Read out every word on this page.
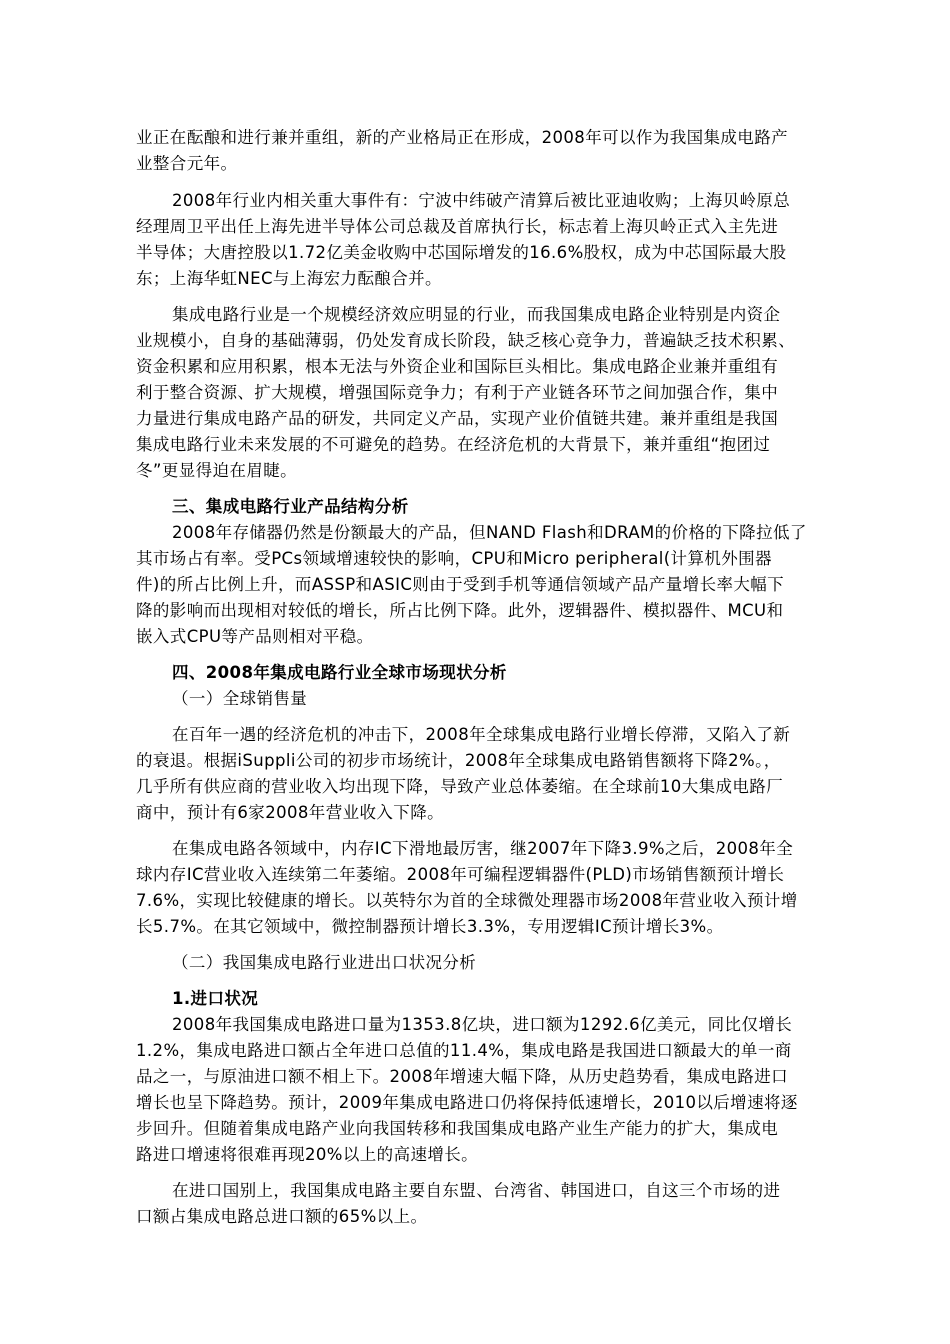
业正在酝酿和进行兼并重组，新的产业格局正在形成，2008年可以作为我国集成电路产
业整合元年。
2008年行业内相关重大事件有：宁波中纬破产清算后被比亚迪收购；上海贝岭原总
经理周卫平出任上海先进半导体公司总裁及首席执行长，标志着上海贝岭正式入主先进
半导体；大唐控股以1.72亿美金收购中芯国际增发的16.6%股权，成为中芯国际最大股
东；上海华虹NEC与上海宏力酝酿合并。
集成电路行业是一个规模经济效应明显的行业，而我国集成电路企业特别是内资企
业规模小，自身的基础薄弱，仍处发育成长阶段，缺乏核心竞争力，普遍缺乏技术积累、
资金积累和应用积累，根本无法与外资企业和国际巨头相比。集成电路企业兼并重组有
利于整合资源、扩大规模，增强国际竞争力；有利于产业链各环节之间加强合作，集中
力量进行集成电路产品的研发，共同定义产品，实现产业价值链共建。兼并重组是我国
集成电路行业未来发展的不可避免的趋势。在经济危机的大背景下，兼并重组“抱团过
冬”更显得迫在眉睫。
三、集成电路行业产品结构分析
2008年存储器仍然是份额最大的产品，但NAND Flash和DRAM的价格的下降拉低了
其市场占有率。受PCs领域增速较快的影响，CPU和Micro peripheral(计算机外围器
件)的所占比例上升，而ASSP和ASIC则由于受到手机等通信领域产品产量增长率大幅下
降的影响而出现相对较低的增长，所占比例下降。此外，逻辑器件、模拟器件、MCU和
嵌入式CPU等产品则相对平稳。
四、2008年集成电路行业全球市场现状分析
（一）全球销售量
在百年一遇的经济危机的冲击下，2008年全球集成电路行业增长停滞，又陷入了新
的衰退。根据iSuppli公司的初步市场统计，2008年全球集成电路销售额将下降2%。，
几乎所有供应商的营业收入均出现下降，导致产业总体萎缩。在全球前10大集成电路厂
商中，预计有6家2008年营业收入下降。
在集成电路各领域中，内存IC下滑地最厉害，继2007年下降3.9%之后，2008年全
球内存IC营业收入连续第二年萎缩。2008年可编程逻辑器件(PLD)市场销售额预计增长
7.6%，实现比较健康的增长。以英特尔为首的全球微处理器市场2008年营业收入预计增
长5.7%。在其它领域中，微控制器预计增长3.3%，专用逻辑IC预计增长3%。
（二）我国集成电路行业进出口状况分析
1.进口状况
2008年我国集成电路进口量为1353.8亿块，进口额为1292.6亿美元，同比仅增长
1.2%，集成电路进口额占全年进口总值的11.4%，集成电路是我国进口额最大的单一商
品之一，与原油进口额不相上下。2008年增速大幅下降，从历史趋势看，集成电路进口
增长也呈下降趋势。预计，2009年集成电路进口仍将保持低速增长，2010以后增速将逐
步回升。但随着集成电路产业向我国转移和我国集成电路产业生产能力的扩大，集成电
路进口增速将很难再现20%以上的高速增长。
在进口国别上，我国集成电路主要自东盟、台湾省、韩国进口，自这三个市场的进
口额占集成电路总进口额的65%以上。
